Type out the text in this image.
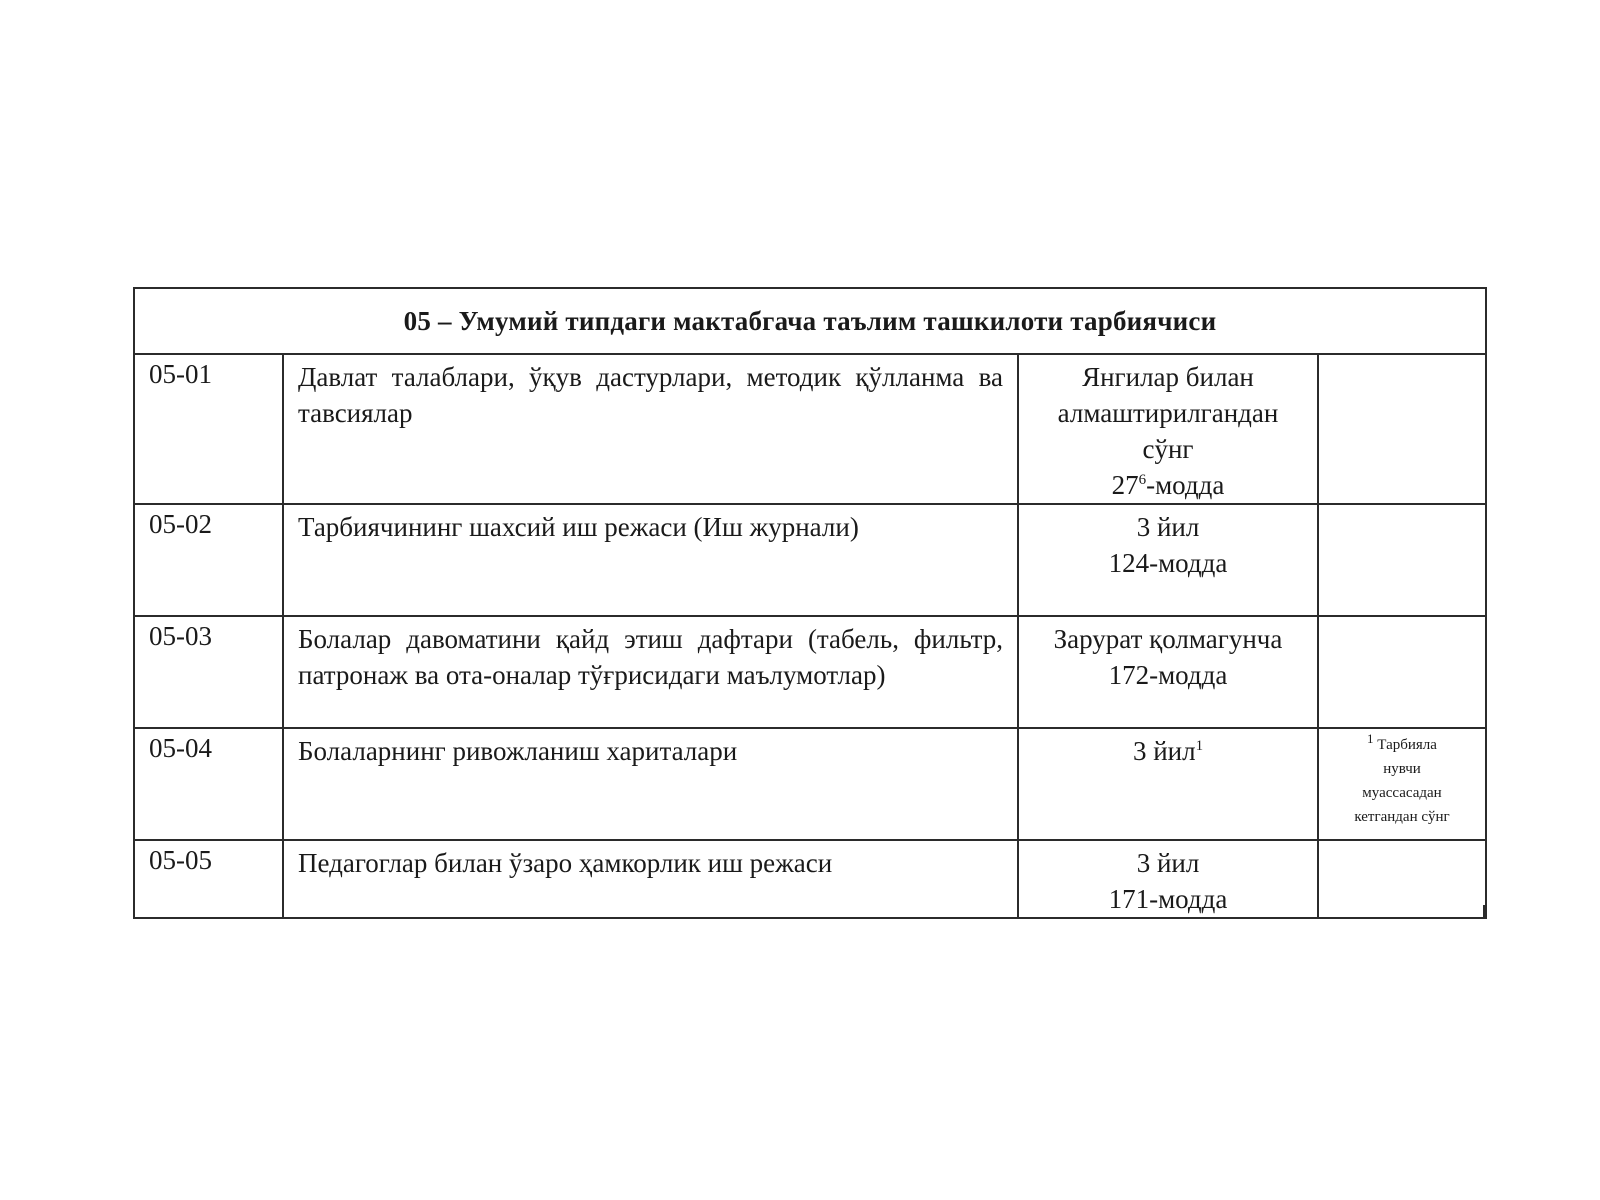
05 – Умумий типдаги мактабгача таълим ташкилоти тарбиячиси			
05-01	Давлат талаблари, ўқув дастурлари, методик қўлланма ва тавсиялар	Янгилар билан
алмаштирилгандан
сўнг
$27^6$-модда	

05-02	Тарбиячининг шахсий иш режаси (Иш журнали)	3 йил
124-модда	

05-03	Болалар давоматини қайд этиш дафтари (табель, фильтр, патронаж ва ота-оналар тўғрисидаги маълумотлар)	Зарурат қолмагунча
172-модда	

05-04	Болаларнинг ривожланиш хариталари	3 йил$^1$	$^1$ Тарбияла
нувчи
муассасадан
кетгандан сўнг

05-05	Педагоглар билан ўзаро ҳамкорлик иш режаси	3 йил
171-модда	
